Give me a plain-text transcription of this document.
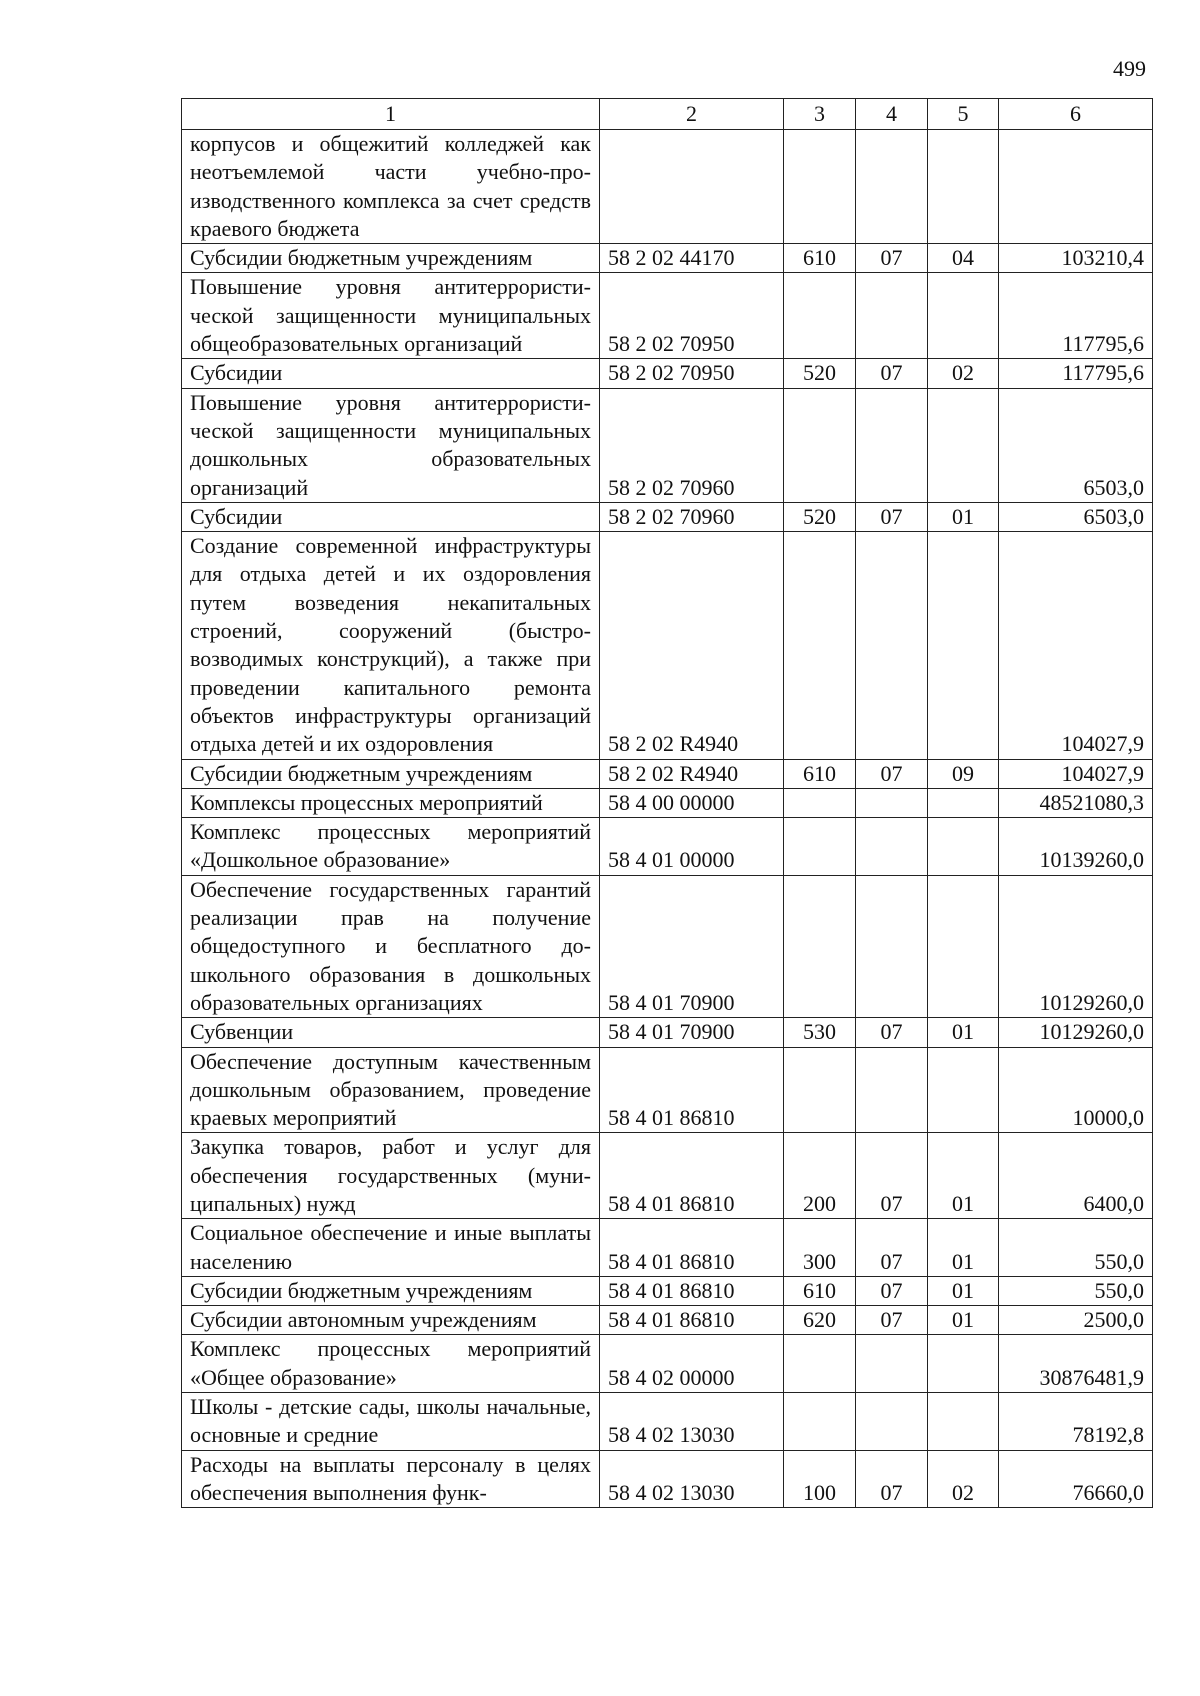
499
1	2	3	4	5	6
корпусов и общежитий колледжей как неотъемлемой части учебно-производственного комплекса за счет средств краевого бюджета					
Субсидии бюджетным учреждениям	58 2 02 44170	610	07	04	103210,4
Повышение уровня антитеррористической защищенности муниципальных общеобразовательных организаций	58 2 02 70950				117795,6
Субсидии	58 2 02 70950	520	07	02	117795,6
Повышение уровня антитеррористической защищенности муниципальных дошкольных образовательных организаций	58 2 02 70960				6503,0
Субсидии	58 2 02 70960	520	07	01	6503,0
Создание современной инфраструктуры для отдыха детей и их оздоровления путем возведения некапитальных строений, сооружений (быстровозводимых конструкций), а также при проведении капитального ремонта объектов инфраструктуры организаций отдыха детей и их оздоровления	58 2 02 R4940				104027,9
Субсидии бюджетным учреждениям	58 2 02 R4940	610	07	09	104027,9
Комплексы процессных мероприятий	58 4 00 00000				48521080,3
Комплекс процессных мероприятий «Дошкольное образование»	58 4 01 00000				10139260,0
Обеспечение государственных гарантий реализации прав на получение общедоступного и бесплатного дошкольного образования в дошкольных образовательных организациях	58 4 01 70900				10129260,0
Субвенции	58 4 01 70900	530	07	01	10129260,0
Обеспечение доступным качественным дошкольным образованием, проведение краевых мероприятий	58 4 01 86810				10000,0
Закупка товаров, работ и услуг для обеспечения государственных (муниципальных) нужд	58 4 01 86810	200	07	01	6400,0
Социальное обеспечение и иные выплаты населению	58 4 01 86810	300	07	01	550,0
Субсидии бюджетным учреждениям	58 4 01 86810	610	07	01	550,0
Субсидии автономным учреждениям	58 4 01 86810	620	07	01	2500,0
Комплекс процессных мероприятий «Общее образование»	58 4 02 00000				30876481,9
Школы - детские сады, школы начальные, основные и средние	58 4 02 13030				78192,8
Расходы на выплаты персоналу в целях обеспечения выполнения функ-	58 4 02 13030	100	07	02	76660,0
